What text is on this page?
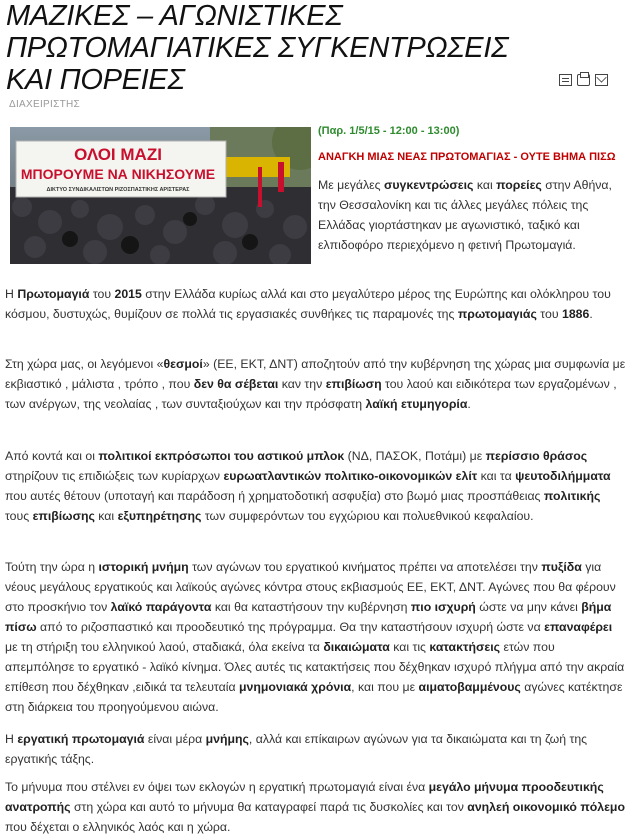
ΜΑΖΙΚΕΣ – ΑΓΩΝΙΣΤΙΚΕΣ ΠΡΩΤΟΜΑΓΙΑΤΙΚΕΣ ΣΥΓΚΕΝΤΡΩΣΕΙΣ ΚΑΙ ΠΟΡΕΙΕΣ
ΔΙΑΧΕΙΡΙΣΤΗΣ
ΟΛΟΙ ΜΑΖΙ
ΜΠΟΡΟΥΜΕ ΝΑ ΝΙΚΗΣΟΥΜΕ
ΔΙΚΤΥΟ ΣΥΝΔΙΚΑΛΙΣΤΩΝ ΡΙΖΟΣΠΑΣΤΙΚΗΣ ΑΡΙΣΤΕΡΑΣ
(Παρ. 1/5/15 - 12:00 - 13:00)
ΑΝΑΓΚΗ ΜΙΑΣ ΝΕΑΣ ΠΡΩΤΟΜΑΓΙΑΣ - ΟΥΤΕ ΒΗΜΑ ΠΙΣΩ

Με μεγάλες συγκεντρώσεις και πορείες στην Αθήνα, την Θεσσαλονίκη και τις άλλες μεγάλες πόλεις της Ελλάδας γιορτάστηκαν με αγωνιστικό, ταξικό και ελπιδοφόρο περιεχόμενο η φετινή Πρωτομαγιά.

Η Πρωτομαγιά του 2015 στην Ελλάδα κυρίως αλλά και στο μεγαλύτερο μέρος της Ευρώπης και ολόκληρου του κόσμου, δυστυχώς, θυμίζουν σε πολλά τις εργασιακές συνθήκες τις παραμονές της πρωτομαγιάς του 1886.

Στη χώρα μας, οι λεγόμενοι «θεσμοί» (ΕΕ, ΕΚΤ, ΔΝΤ) αποζητούν από την κυβέρνηση της χώρας μια συμφωνία με εκβιαστικό , μάλιστα , τρόπο , που δεν θα σέβεται καν την επιβίωση του λαού και ειδικότερα των εργαζομένων , των ανέργων, της νεολαίας , των συνταξιούχων και την πρόσφατη λαϊκή ετυμηγορία.

Από κοντά και οι πολιτικοί εκπρόσωποι του αστικού μπλοκ (ΝΔ, ΠΑΣΟΚ, Ποτάμι) με περίσσιο θράσος στηρίζουν τις επιδιώξεις των κυρίαρχων ευρωατλαντικών πολιτικο-οικονομικών ελίτ και τα ψευτοδιλήμματα που αυτές θέτουν (υποταγή και παράδοση ή χρηματοδοτική ασφυξία) στο βωμό μιας προσπάθειας πολιτικής τους επιβίωσης και εξυπηρέτησης των συμφερόντων του εγχώριου και πολυεθνικού κεφαλαίου.

Τούτη την ώρα η ιστορική μνήμη των αγώνων του εργατικού κινήματος πρέπει να αποτελέσει την πυξίδα για νέους μεγάλους εργατικούς και λαϊκούς αγώνες κόντρα στους εκβιασμούς ΕΕ, ΕΚΤ, ΔΝΤ. Αγώνες που θα φέρουν στο προσκήνιο τον λαϊκό παράγοντα και θα καταστήσουν την κυβέρνηση πιο ισχυρή ώστε να μην κάνει βήμα πίσω από το ριζοσπαστικό και προοδευτικό της πρόγραμμα. Θα την καταστήσουν ισχυρή ώστε να επαναφέρει με τη στήριξη του ελληνικού λαού, σταδιακά, όλα εκείνα τα δικαιώματα και τις κατακτήσεις ετών που απεμπόλησε το εργατικό - λαϊκό κίνημα. Όλες αυτές τις κατακτήσεις που δέχθηκαν ισχυρό πλήγμα από την ακραία επίθεση που δέχθηκαν ,ειδικά τα τελευταία μνημονιακά χρόνια, και που με αιματοβαμμένους αγώνες κατέκτησε στη διάρκεια του προηγούμενου αιώνα.

Η εργατική πρωτομαγιά είναι μέρα μνήμης, αλλά και επίκαιρων αγώνων για τα δικαιώματα και τη ζωή της εργατικής τάξης.

Το μήνυμα που στέλνει εν όψει των εκλογών η εργατική πρωτομαγιά είναι ένα μεγάλο μήνυμα προοδευτικής ανατροπής στη χώρα και αυτό το μήνυμα θα καταγραφεί παρά τις δυσκολίες και τον ανηλεή οικονομικό πόλεμο που δέχεται ο ελληνικός λαός και η χώρα.
